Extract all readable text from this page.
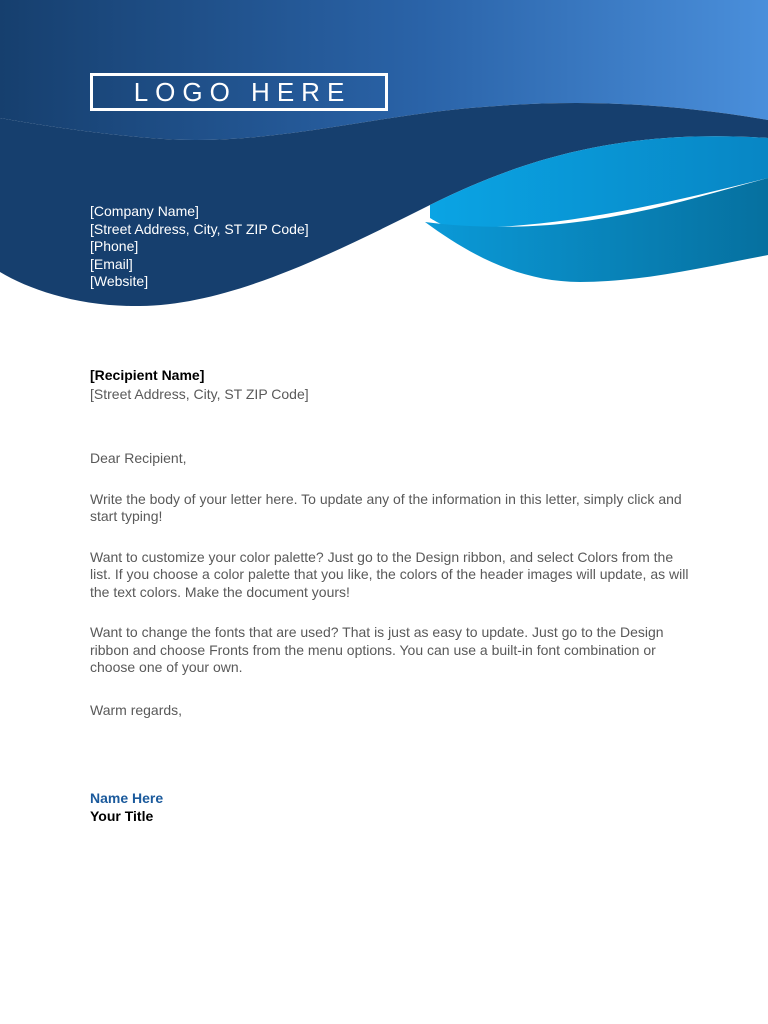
LOGO HERE
[Company Name]
[Street Address, City, ST ZIP Code]
[Phone]
[Email]
[Website]
[Recipient Name]
[Street Address, City, ST ZIP Code]

Dear Recipient,

Write the body of your letter here. To update any of the information in this letter, simply click and start typing!

Want to customize your color palette? Just go to the Design ribbon, and select Colors from the list. If you choose a color palette that you like, the colors of the header images will update, as will the text colors. Make the document yours!

Want to change the fonts that are used? That is just as easy to update. Just go to the Design ribbon and choose Fronts from the menu options. You can use a built-in font combination or choose one of your own.

Warm regards,

Name Here
Your Title
